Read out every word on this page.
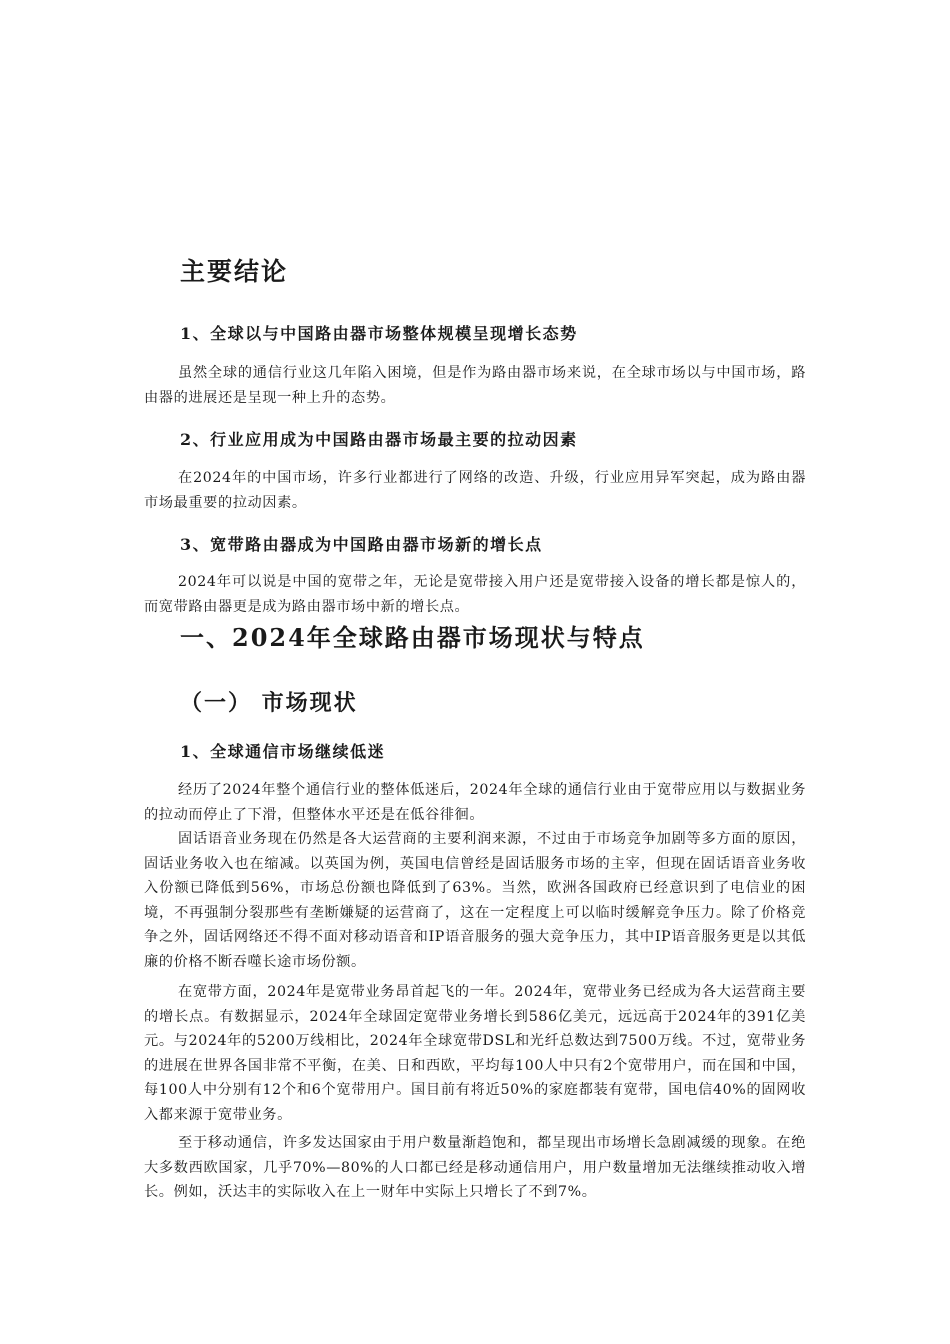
主要结论
1、全球以与中国路由器市场整体规模呈现增长态势

虽然全球的通信行业这几年陷入困境，但是作为路由器市场来说，在全球市场以与中国市场，路由器的进展还是呈现一种上升的态势。

2、行业应用成为中国路由器市场最主要的拉动因素

在2024年的中国市场，许多行业都进行了网络的改造、升级，行业应用异军突起，成为路由器市场最重要的拉动因素。

3、宽带路由器成为中国路由器市场新的增长点

2024年可以说是中国的宽带之年，无论是宽带接入用户还是宽带接入设备的增长都是惊人的，而宽带路由器更是成为路由器市场中新的增长点。

一、2024年全球路由器市场现状与特点
（一） 市场现状
1、全球通信市场继续低迷

经历了2024年整个通信行业的整体低迷后，2024年全球的通信行业由于宽带应用以与数据业务的拉动而停止了下滑，但整体水平还是在低谷徘徊。

固话语音业务现在仍然是各大运营商的主要利润来源，不过由于市场竞争加剧等多方面的原因，固话业务收入也在缩减。以英国为例，英国电信曾经是固话服务市场的主宰，但现在固话语音业务收入份额已降低到56%，市场总份额也降低到了63%。当然，欧洲各国政府已经意识到了电信业的困境，不再强制分裂那些有垄断嫌疑的运营商了，这在一定程度上可以临时缓解竞争压力。除了价格竞争之外，固话网络还不得不面对移动语音和IP语音服务的强大竞争压力，其中IP语音服务更是以其低廉的价格不断吞噬长途市场份额。

在宽带方面，2024年是宽带业务昂首起飞的一年。2024年，宽带业务已经成为各大运营商主要的增长点。有数据显示，2024年全球固定宽带业务增长到586亿美元，远远高于2024年的391亿美元。与2024年的5200万线相比，2024年全球宽带DSL和光纤总数达到7500万线。不过，宽带业务的进展在世界各国非常不平衡，在美、日和西欧，平均每100人中只有2个宽带用户，而在国和中国，每100人中分别有12个和6个宽带用户。国目前有将近50%的家庭都装有宽带，国电信40%的固网收入都来源于宽带业务。

至于移动通信，许多发达国家由于用户数量渐趋饱和，都呈现出市场增长急剧减缓的现象。在绝大多数西欧国家，几乎70%—80%的人口都已经是移动通信用户，用户数量增加无法继续推动收入增长。例如，沃达丰的实际收入在上一财年中实际上只增长了不到7%。
